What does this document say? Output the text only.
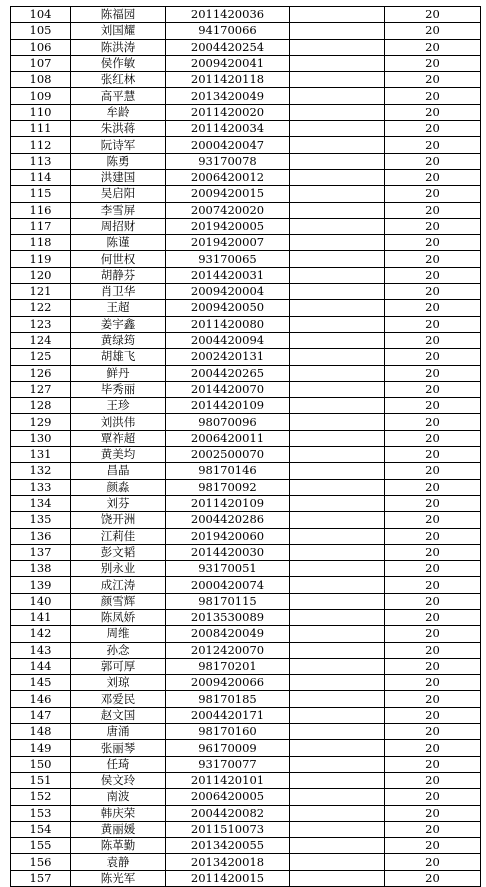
104	陈福园	2011420036		20
105	刘国耀	94170066		20
106	陈洪涛	2004420254		20
107	侯作敏	2009420041		20
108	张红林	2011420118		20
109	高平慧	2013420049		20
110	牟龄	2011420020		20
111	朱洪蒋	2011420034		20
112	阮诗军	2000420047		20
113	陈勇	93170078		20
114	洪建国	2006420012		20
115	吴启阳	2009420015		20
116	李雪屏	2007420020		20
117	周招财	2019420005		20
118	陈谨	2019420007		20
119	何世权	93170065		20
120	胡静芬	2014420031		20
121	肖卫华	2009420004		20
122	王超	2009420050		20
123	姜宇鑫	2011420080		20
124	黄绿筠	2004420094		20
125	胡雄飞	2002420131		20
126	鲜丹	2004420265		20
127	毕秀丽	2014420070		20
128	王珍	2014420109		20
129	刘洪伟	98070096		20
130	覃祚超	2006420011		20
131	黄美均	2002500070		20
132	昌晶	98170146		20
133	颜淼	98170092		20
134	刘芬	2011420109		20
135	饶开洲	2004420286		20
136	江莉佳	2019420060		20
137	彭文韬	2014420030		20
138	别永业	93170051		20
139	成江涛	2000420074		20
140	颜雪辉	98170115		20
141	陈凤娇	2013530089		20
142	周维	2008420049		20
143	孙念	2012420070		20
144	郭可厚	98170201		20
145	刘琼	2009420066		20
146	邓爱民	98170185		20
147	赵文国	2004420171		20
148	唐涌	98170160		20
149	张丽琴	96170009		20
150	任琦	93170077		20
151	侯文玲	2011420101		20
152	南波	2006420005		20
153	韩庆荣	2004420082		20
154	黄丽媛	2011510073		20
155	陈革勤	2013420055		20
156	袁静	2013420018		20
157	陈光军	2011420015		20
